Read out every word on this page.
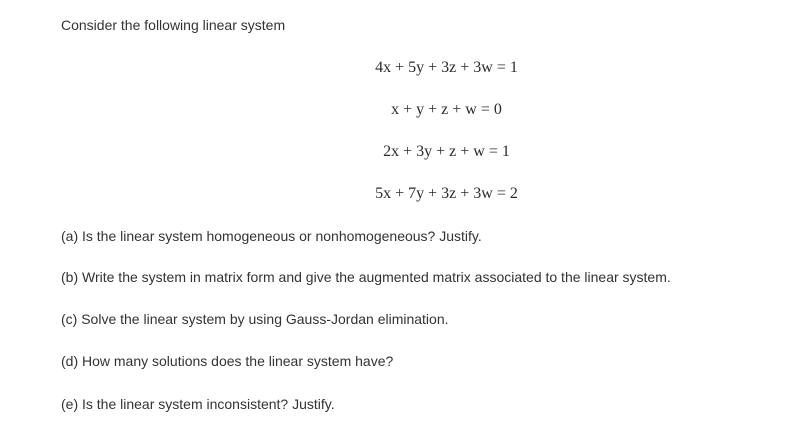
Consider the following linear system
4x + 5y + 3z + 3w = 1
x + y + z + w = 0
2x + 3y + z + w = 1
5x + 7y + 3z + 3w = 2
(a) Is the linear system homogeneous or nonhomogeneous? Justify.
(b) Write the system in matrix form and give the augmented matrix associated to the linear system.
(c) Solve the linear system by using Gauss-Jordan elimination.
(d) How many solutions does the linear system have?
(e) Is the linear system inconsistent? Justify.
